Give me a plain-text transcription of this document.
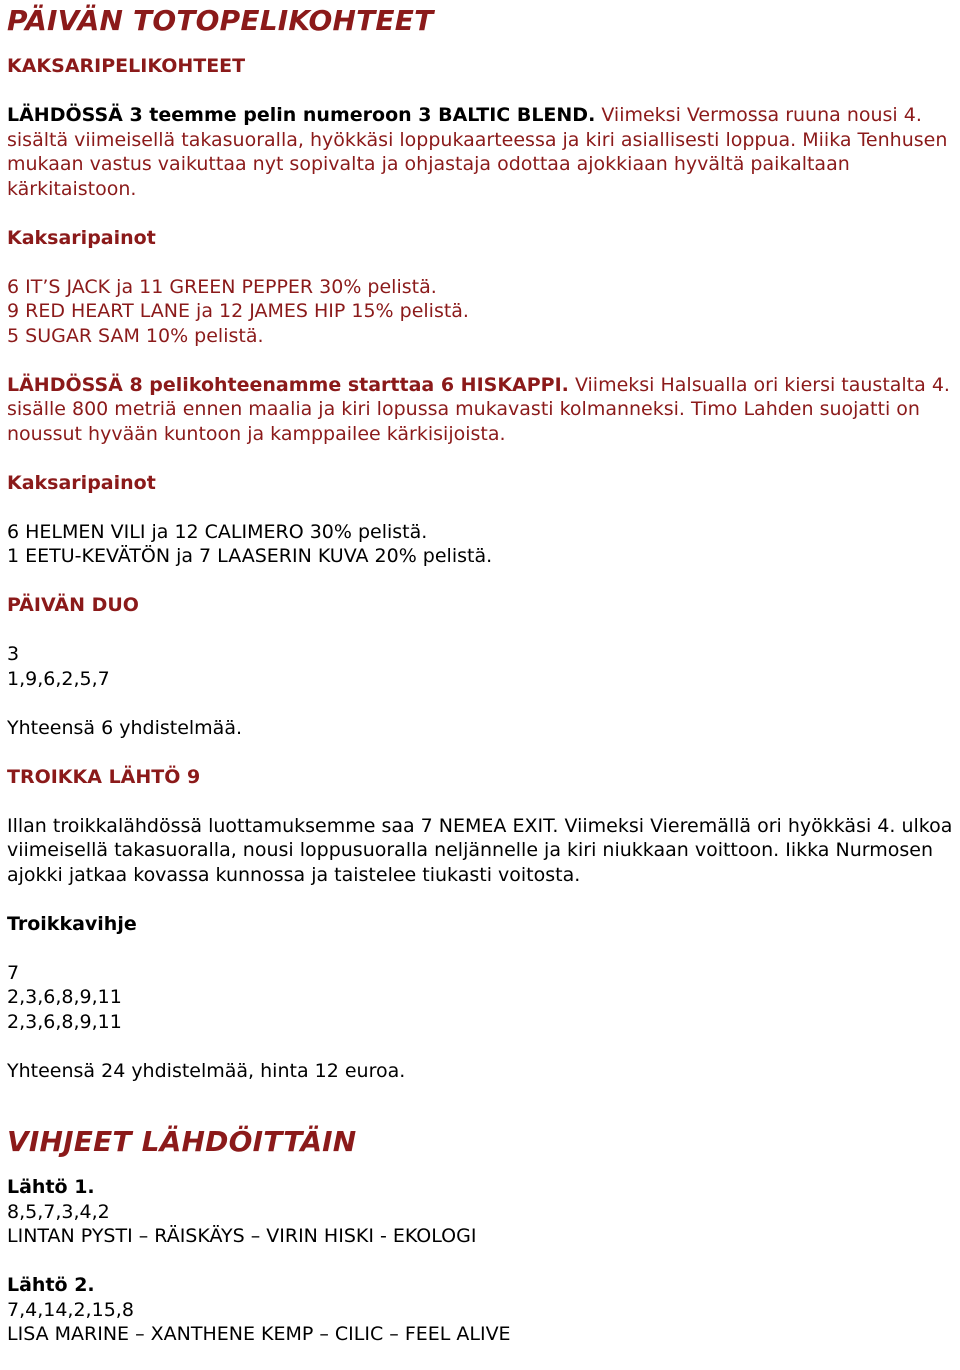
PÄIVÄN TOTOPELIKOHTEET

KAKSARIPELIKOHTEET

LÄHDÖSSÄ 3 teemme pelin numeroon 3 BALTIC BLEND. Viimeksi Vermossa ruuna nousi 4. sisältä viimeisellä takasuoralla, hyökkäsi loppukaarteessa ja kiri asiallisesti loppua. Miika Tenhusen mukaan vastus vaikuttaa nyt sopivalta ja ohjastaja odottaa ajokkiaan hyvältä paikaltaan kärkitaistoon.

Kaksaripainot

6 IT’S JACK ja 11 GREEN PEPPER 30% pelistä.

9 RED HEART LANE ja 12 JAMES HIP 15% pelistä.

5 SUGAR SAM 10% pelistä.

LÄHDÖSSÄ 8 pelikohteenamme starttaa 6 HISKAPPI. Viimeksi Halsualla ori kiersi taustalta 4. sisälle 800 metriä ennen maalia ja kiri lopussa mukavasti kolmanneksi. Timo Lahden suojatti on noussut hyvään kuntoon ja kamppailee kärkisijoista.

Kaksaripainot

6 HELMEN VILI ja 12 CALIMERO 30% pelistä.

1 EETU-KEVÄTÖN ja 7 LAASERIN KUVA 20% pelistä.

PÄIVÄN DUO

3

1,9,6,2,5,7

Yhteensä 6 yhdistelmää.

TROIKKA LÄHTÖ 9

Illan troikkalähdössä luottamuksemme saa 7 NEMEA EXIT. Viimeksi Vieremällä ori hyökkäsi 4. ulkoa viimeisellä takasuoralla, nousi loppusuoralla neljännelle ja kiri niukkaan voittoon. Iikka Nurmosen ajokki jatkaa kovassa kunnossa ja taistelee tiukasti voitosta.

Troikkavihje

7

2,3,6,8,9,11

2,3,6,8,9,11

Yhteensä 24 yhdistelmää, hinta 12 euroa.

VIHJEET LÄHDÖITTÄIN

Lähtö 1.

8,5,7,3,4,2

LINTAN PYSTI – RÄISKÄYS – VIRIN HISKI - EKOLOGI

Lähtö 2.

7,4,14,2,15,8

LISA MARINE – XANTHENE KEMP – CILIC – FEEL ALIVE
